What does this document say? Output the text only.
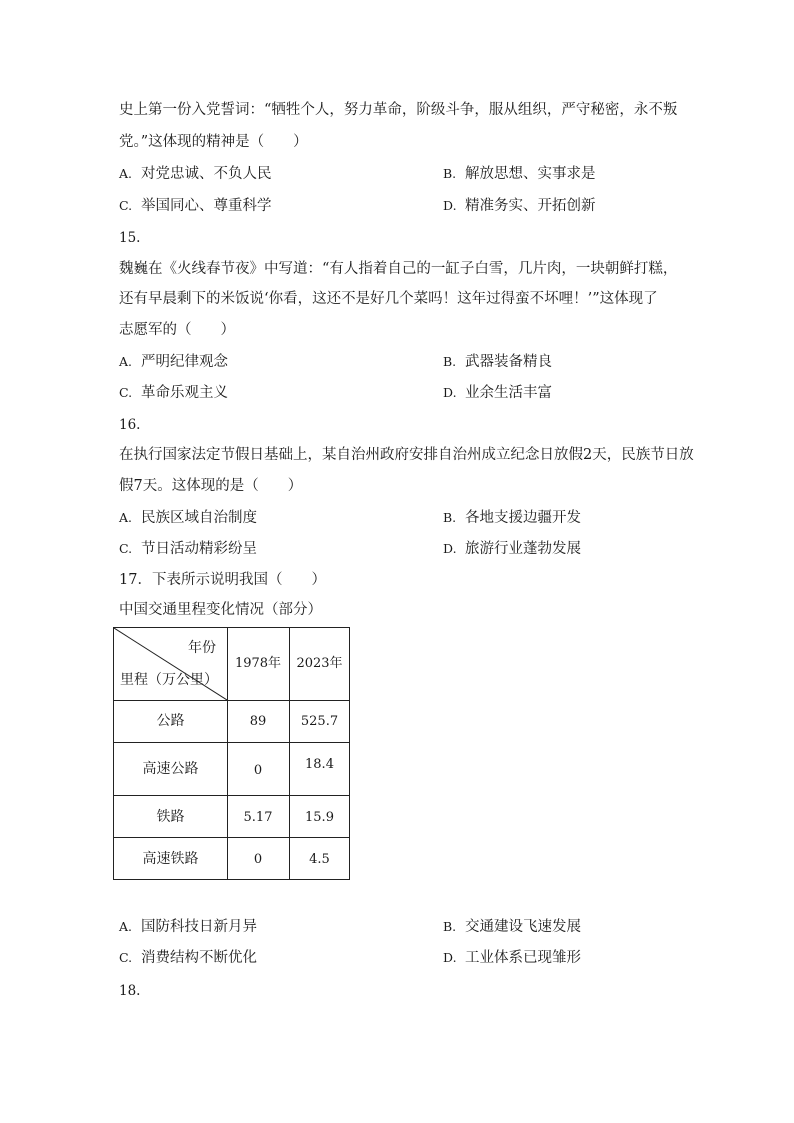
史上第一份入党誓词：“牺牲个人，努力革命，阶级斗争，服从组织，严守秘密，永不叛
党。”这体现的精神是（　　）
A. 对党忠诚、不负人民	B. 解放思想、实事求是
C. 举国同心、尊重科学	D. 精准务实、开拓创新
15.
魏巍在《火线春节夜》中写道：“有人指着自己的一缸子白雪，几片肉，一块朝鲜打糕，
还有早晨剩下的米饭说‘你看，这还不是好几个菜吗！这年过得蛮不坏哩！’”这体现了
志愿军的（　　）
A. 严明纪律观念	B. 武器装备精良
C. 革命乐观主义	D. 业余生活丰富
16.
在执行国家法定节假日基础上，某自治州政府安排自治州成立纪念日放假2天，民族节日放
假7天。这体现的是（　　）
A. 民族区域自治制度	B. 各地支援边疆开发
C. 节日活动精彩纷呈	D. 旅游行业蓬勃发展
17．下表所示说明我国（　　）
中国交通里程变化情况（部分）
年份
里程（万公里）
1978年	2023年
公路	89	525.7
高速公路	0	18.4
铁路	5.17	15.9
高速铁路	0	4.5
A. 国防科技日新月异	B. 交通建设飞速发展
C. 消费结构不断优化	D. 工业体系已现雏形
18.
